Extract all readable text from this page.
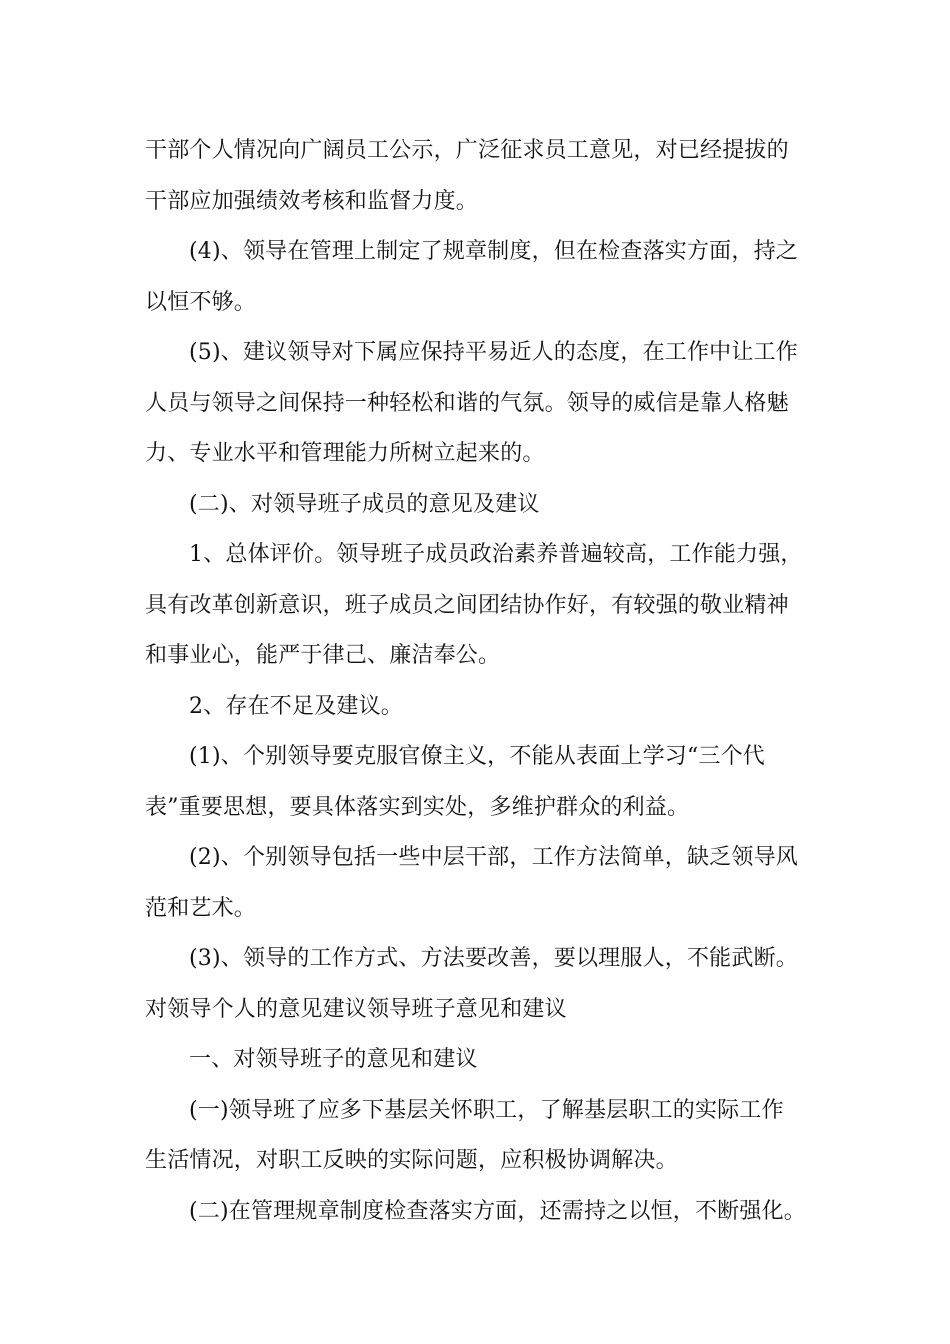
干部个人情况向广阔员工公示，广泛征求员工意见，对已经提拔的
干部应加强绩效考核和监督力度。
(4)、领导在管理上制定了规章制度，但在检查落实方面，持之
以恒不够。
(5)、建议领导对下属应保持平易近人的态度，在工作中让工作
人员与领导之间保持一种轻松和谐的气氛。领导的威信是靠人格魅
力、专业水平和管理能力所树立起来的。
(二)、对领导班子成员的意见及建议
1、总体评价。领导班子成员政治素养普遍较高，工作能力强，
具有改革创新意识，班子成员之间团结协作好，有较强的敬业精神
和事业心，能严于律己、廉洁奉公。
2、存在不足及建议。
(1)、个别领导要克服官僚主义，不能从表面上学习“三个代
表”重要思想，要具体落实到实处，多维护群众的利益。
(2)、个别领导包括一些中层干部，工作方法简单，缺乏领导风
范和艺术。
(3)、领导的工作方式、方法要改善，要以理服人，不能武断。
对领导个人的意见建议领导班子意见和建议
一、对领导班子的意见和建议
(一)领导班了应多下基层关怀职工，了解基层职工的实际工作
生活情况，对职工反映的实际问题，应积极协调解决。
(二)在管理规章制度检查落实方面，还需持之以恒，不断强化。
